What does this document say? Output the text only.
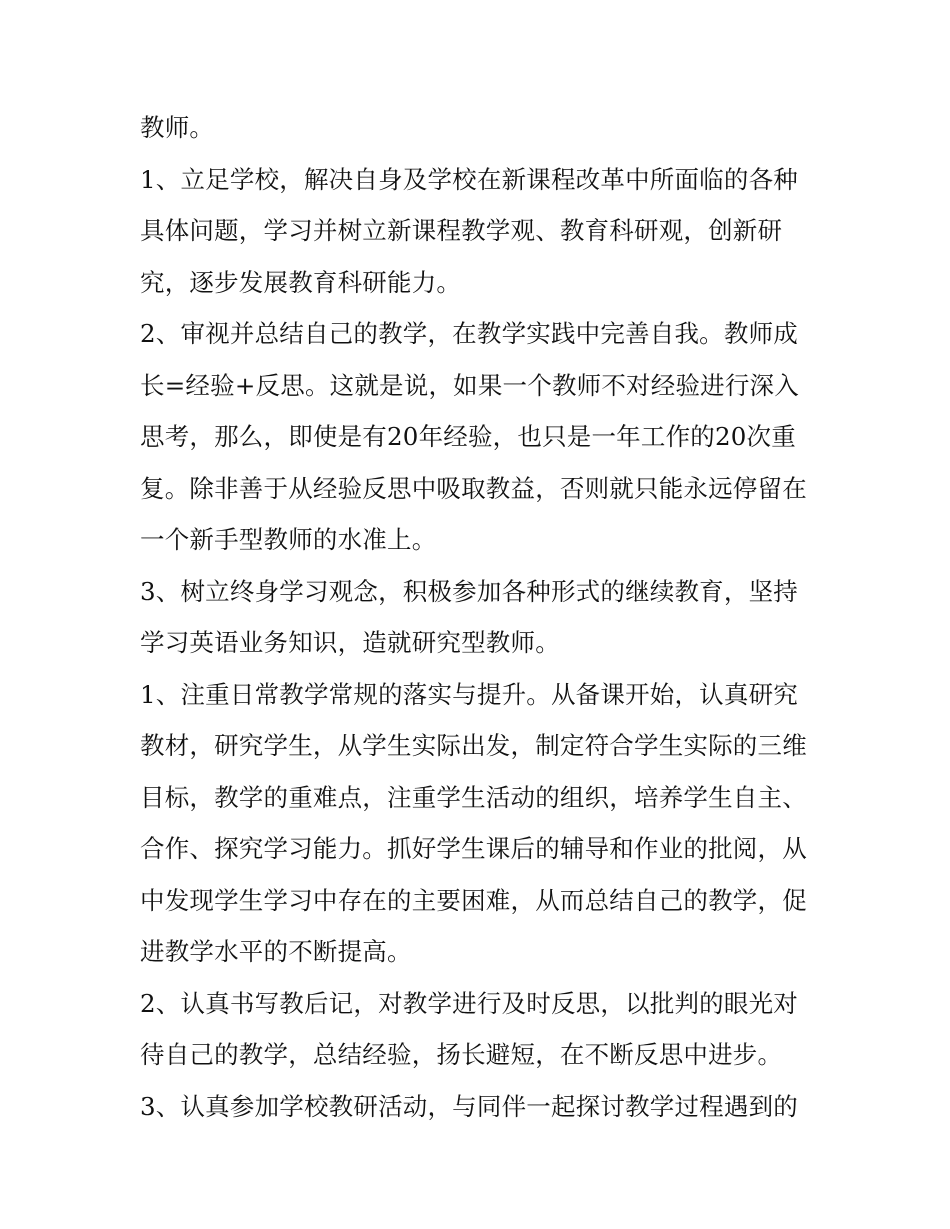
教师。
1、立足学校，解决自身及学校在新课程改革中所面临的各种
具体问题，学习并树立新课程教学观、教育科研观，创新研
究，逐步发展教育科研能力。
2、审视并总结自己的教学，在教学实践中完善自我。教师成
长=经验+反思。这就是说，如果一个教师不对经验进行深入
思考，那么，即使是有20年经验，也只是一年工作的20次重
复。除非善于从经验反思中吸取教益，否则就只能永远停留在
一个新手型教师的水准上。
3、树立终身学习观念，积极参加各种形式的继续教育，坚持
学习英语业务知识，造就研究型教师。
1、注重日常教学常规的落实与提升。从备课开始，认真研究
教材，研究学生，从学生实际出发，制定符合学生实际的三维
目标，教学的重难点，注重学生活动的组织，培养学生自主、
合作、探究学习能力。抓好学生课后的辅导和作业的批阅，从
中发现学生学习中存在的主要困难，从而总结自己的教学，促
进教学水平的不断提高。
2、认真书写教后记，对教学进行及时反思，以批判的眼光对
待自己的教学，总结经验，扬长避短，在不断反思中进步。
3、认真参加学校教研活动，与同伴一起探讨教学过程遇到的
